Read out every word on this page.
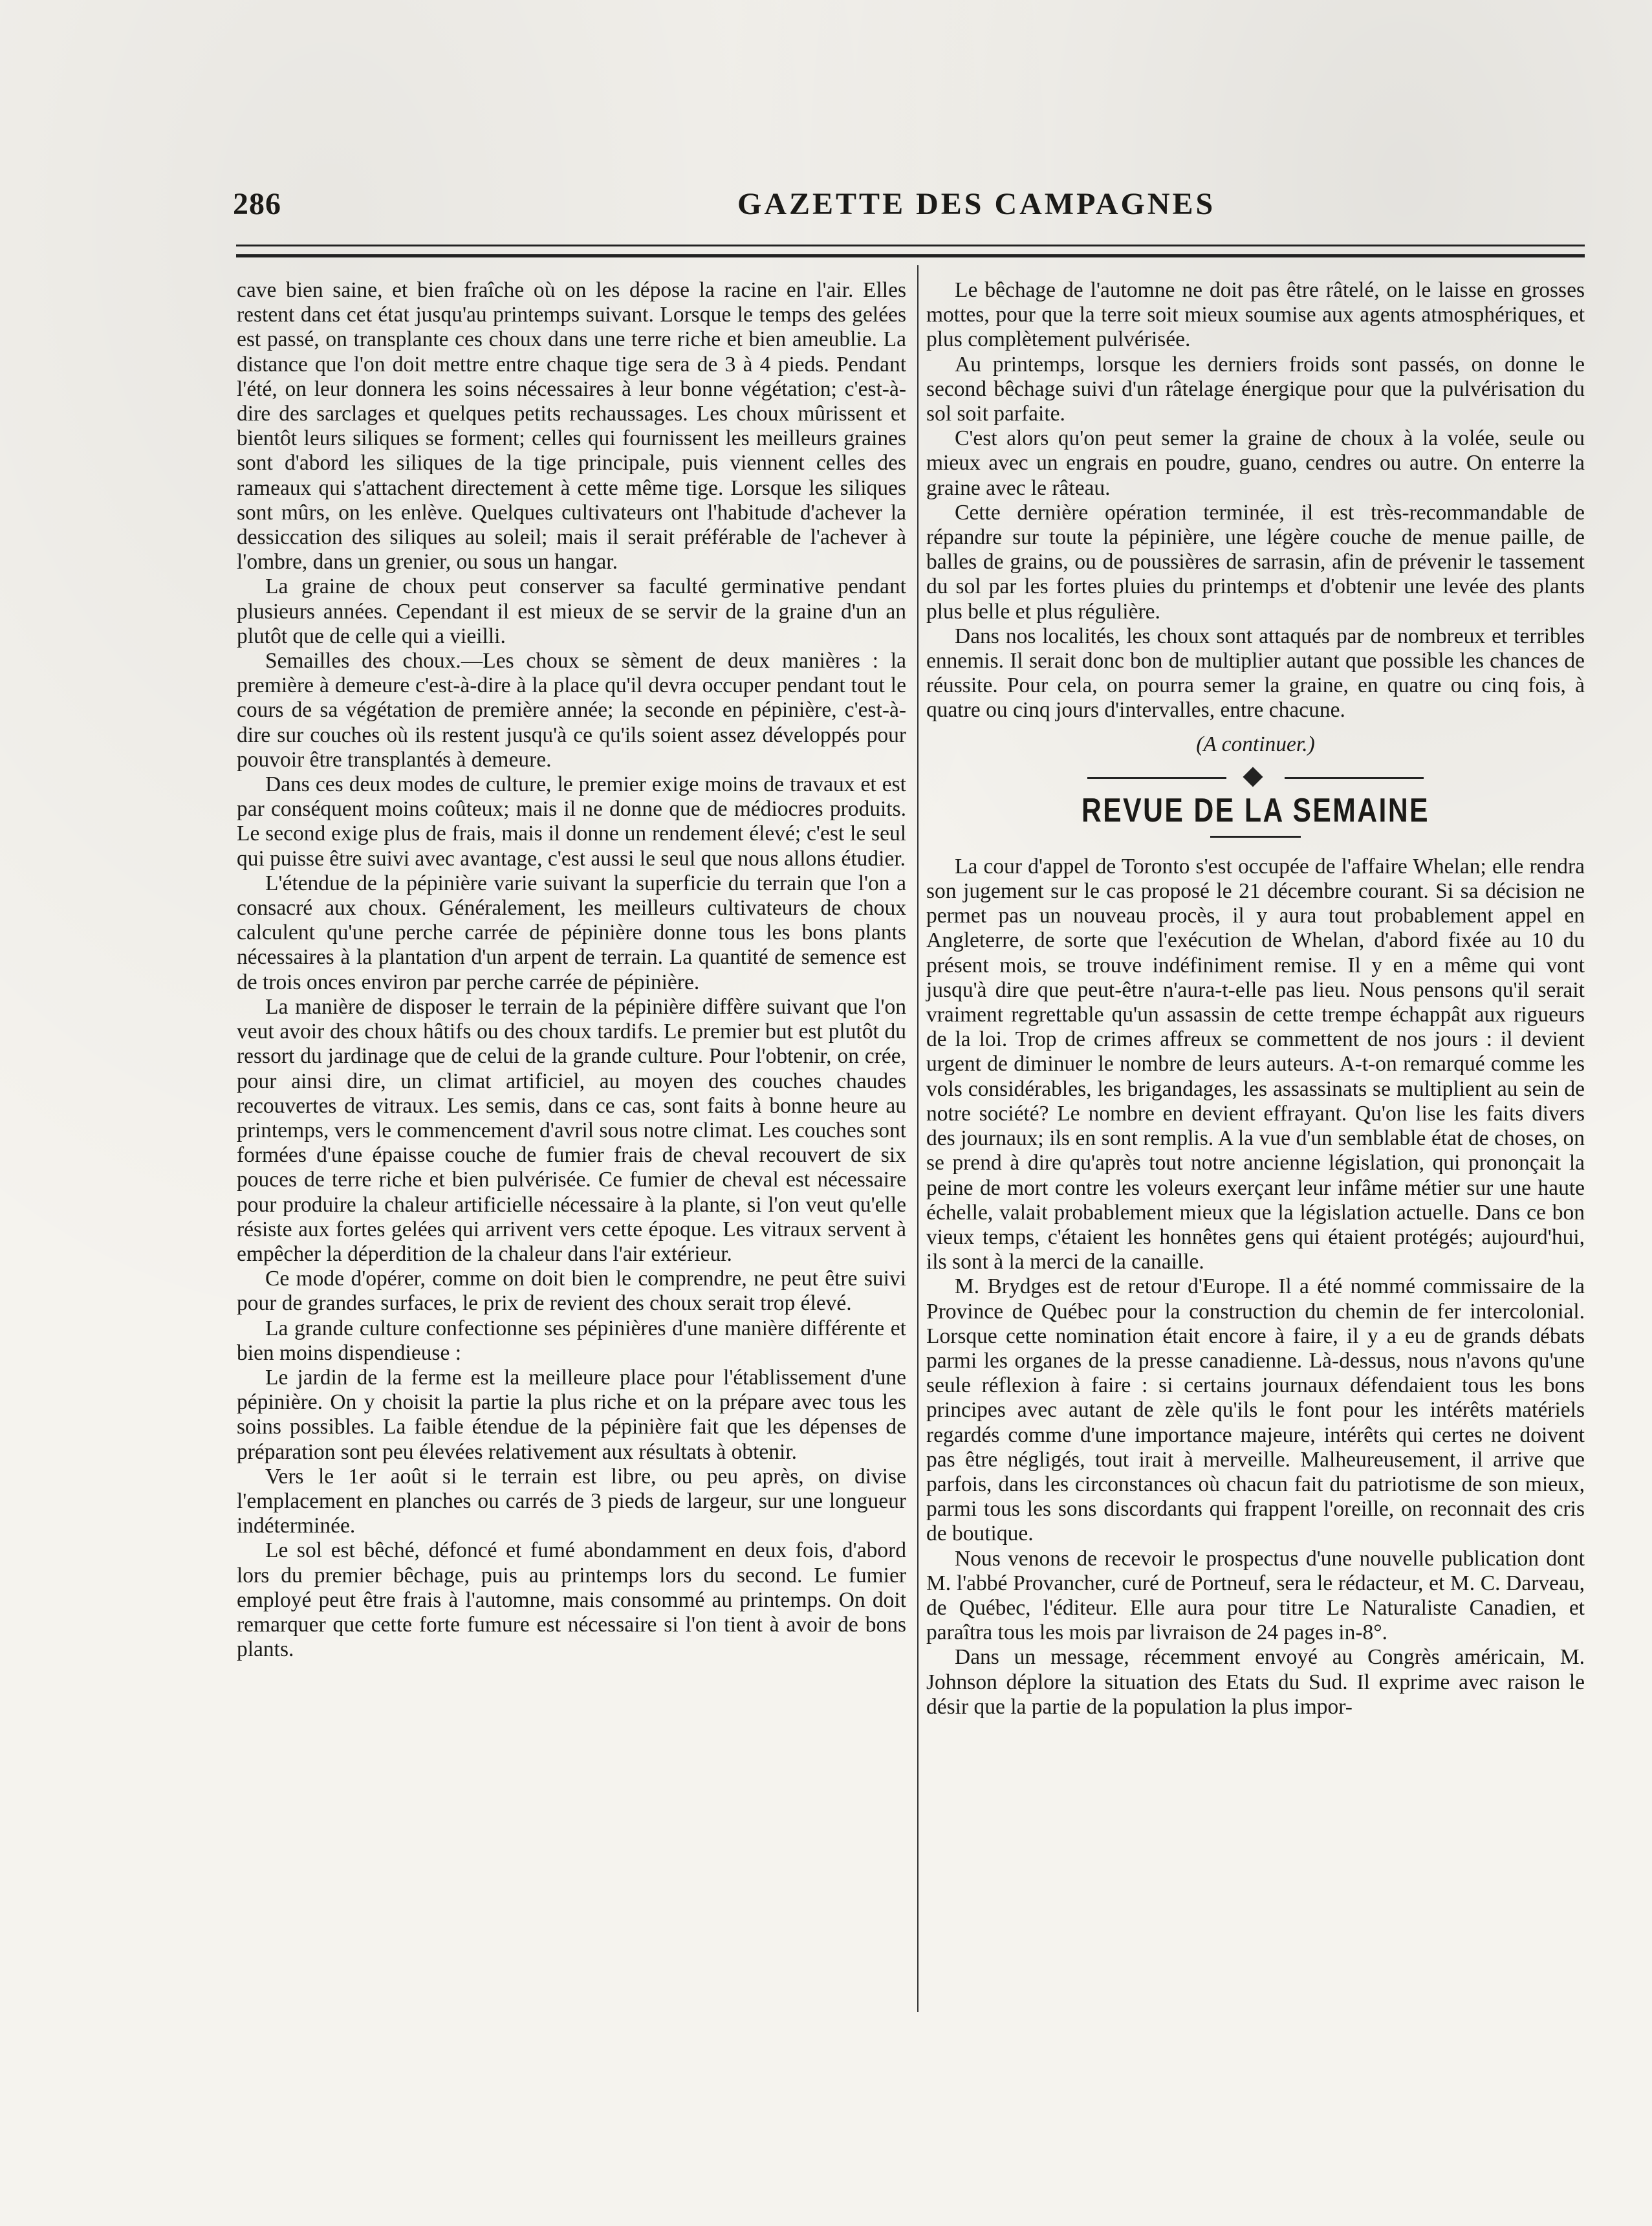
286	GAZETTE DES CAMPAGNES

cave bien saine, et bien fraîche où on les dépose la racine en l'air. Elles restent dans cet état jusqu'au printemps suivant. Lorsque le temps des gelées est passé, on transplante ces choux dans une terre riche et bien ameublie. La distance que l'on doit mettre entre chaque tige sera de 3 à 4 pieds. Pendant l'été, on leur donnera les soins nécessaires à leur bonne végétation; c'est-à-dire des sarclages et quelques petits rechaussages. Les choux mûrissent et bientôt leurs siliques se forment; celles qui fournissent les meilleurs graines sont d'abord les siliques de la tige principale, puis viennent celles des rameaux qui s'attachent directement à cette même tige. Lorsque les siliques sont mûrs, on les enlève. Quelques cultivateurs ont l'habitude d'achever la dessiccation des siliques au soleil; mais il serait préférable de l'achever à l'ombre, dans un grenier, ou sous un hangar.

La graine de choux peut conserver sa faculté germinative pendant plusieurs années. Cependant il est mieux de se servir de la graine d'un an plutôt que de celle qui a vieilli.

Semailles des choux.—Les choux se sèment de deux manières : la première à demeure c'est-à-dire à la place qu'il devra occuper pendant tout le cours de sa végétation de première année; la seconde en pépinière, c'est-à-dire sur couches où ils restent jusqu'à ce qu'ils soient assez développés pour pouvoir être transplantés à demeure.

Dans ces deux modes de culture, le premier exige moins de travaux et est par conséquent moins coûteux; mais il ne donne que de médiocres produits. Le second exige plus de frais, mais il donne un rendement élevé; c'est le seul qui puisse être suivi avec avantage, c'est aussi le seul que nous allons étudier.

L'étendue de la pépinière varie suivant la superficie du terrain que l'on a consacré aux choux. Généralement, les meilleurs cultivateurs de choux calculent qu'une perche carrée de pépinière donne tous les bons plants nécessaires à la plantation d'un arpent de terrain. La quantité de semence est de trois onces environ par perche carrée de pépinière.

La manière de disposer le terrain de la pépinière diffère suivant que l'on veut avoir des choux hâtifs ou des choux tardifs. Le premier but est plutôt du ressort du jardinage que de celui de la grande culture. Pour l'obtenir, on crée, pour ainsi dire, un climat artificiel, au moyen des couches chaudes recouvertes de vitraux. Les semis, dans ce cas, sont faits à bonne heure au printemps, vers le commencement d'avril sous notre climat. Les couches sont formées d'une épaisse couche de fumier frais de cheval recouvert de six pouces de terre riche et bien pulvérisée. Ce fumier de cheval est nécessaire pour produire la chaleur artificielle nécessaire à la plante, si l'on veut qu'elle résiste aux fortes gelées qui arrivent vers cette époque. Les vitraux servent à empêcher la déperdition de la chaleur dans l'air extérieur.

Ce mode d'opérer, comme on doit bien le comprendre, ne peut être suivi pour de grandes surfaces, le prix de revient des choux serait trop élevé.

La grande culture confectionne ses pépinières d'une manière différente et bien moins dispendieuse :

Le jardin de la ferme est la meilleure place pour l'établissement d'une pépinière. On y choisit la partie la plus riche et on la prépare avec tous les soins possibles. La faible étendue de la pépinière fait que les dépenses de préparation sont peu élevées relativement aux résultats à obtenir.

Vers le 1er août si le terrain est libre, ou peu après, on divise l'emplacement en planches ou carrés de 3 pieds de largeur, sur une longueur indéterminée.

Le sol est bêché, défoncé et fumé abondamment en deux fois, d'abord lors du premier bêchage, puis au printemps lors du second. Le fumier employé peut être frais à l'automne, mais consommé au printemps. On doit remarquer que cette forte fumure est nécessaire si l'on tient à avoir de bons plants.

Le bêchage de l'automne ne doit pas être râtelé, on le laisse en grosses mottes, pour que la terre soit mieux soumise aux agents atmosphériques, et plus complètement pulvérisée.

Au printemps, lorsque les derniers froids sont passés, on donne le second bêchage suivi d'un râtelage énergique pour que la pulvérisation du sol soit parfaite.

C'est alors qu'on peut semer la graine de choux à la volée, seule ou mieux avec un engrais en poudre, guano, cendres ou autre. On enterre la graine avec le râteau.

Cette dernière opération terminée, il est très-recommandable de répandre sur toute la pépinière, une légère couche de menue paille, de balles de grains, ou de poussières de sarrasin, afin de prévenir le tassement du sol par les fortes pluies du printemps et d'obtenir une levée des plants plus belle et plus régulière.

Dans nos localités, les choux sont attaqués par de nombreux et terribles ennemis. Il serait donc bon de multiplier autant que possible les chances de réussite. Pour cela, on pourra semer la graine, en quatre ou cinq fois, à quatre ou cinq jours d'intervalles, entre chacune.

(A continuer.)
REVUE DE LA SEMAINE

La cour d'appel de Toronto s'est occupée de l'affaire Whelan; elle rendra son jugement sur le cas proposé le 21 décembre courant. Si sa décision ne permet pas un nouveau procès, il y aura tout probablement appel en Angleterre, de sorte que l'exécution de Whelan, d'abord fixée au 10 du présent mois, se trouve indéfiniment remise. Il y en a même qui vont jusqu'à dire que peut-être n'aura-t-elle pas lieu. Nous pensons qu'il serait vraiment regrettable qu'un assassin de cette trempe échappât aux rigueurs de la loi. Trop de crimes affreux se commettent de nos jours : il devient urgent de diminuer le nombre de leurs auteurs. A-t-on remarqué comme les vols considérables, les brigandages, les assassinats se multiplient au sein de notre société? Le nombre en devient effrayant. Qu'on lise les faits divers des journaux; ils en sont remplis. A la vue d'un semblable état de choses, on se prend à dire qu'après tout notre ancienne législation, qui prononçait la peine de mort contre les voleurs exerçant leur infâme métier sur une haute échelle, valait probablement mieux que la législation actuelle. Dans ce bon vieux temps, c'étaient les honnêtes gens qui étaient protégés; aujourd'hui, ils sont à la merci de la canaille.

M. Brydges est de retour d'Europe. Il a été nommé commissaire de la Province de Québec pour la construction du chemin de fer intercolonial. Lorsque cette nomination était encore à faire, il y a eu de grands débats parmi les organes de la presse canadienne. Là-dessus, nous n'avons qu'une seule réflexion à faire : si certains journaux défendaient tous les bons principes avec autant de zèle qu'ils le font pour les intérêts matériels regardés comme d'une importance majeure, intérêts qui certes ne doivent pas être négligés, tout irait à merveille. Malheureusement, il arrive que parfois, dans les circonstances où chacun fait du patriotisme de son mieux, parmi tous les sons discordants qui frappent l'oreille, on reconnait des cris de boutique.

Nous venons de recevoir le prospectus d'une nouvelle publication dont M. l'abbé Provancher, curé de Portneuf, sera le rédacteur, et M. C. Darveau, de Québec, l'éditeur. Elle aura pour titre Le Naturaliste Canadien, et paraîtra tous les mois par livraison de 24 pages in-8°.

Dans un message, récemment envoyé au Congrès américain, M. Johnson déplore la situation des Etats du Sud. Il exprime avec raison le désir que la partie de la population la plus impor-
